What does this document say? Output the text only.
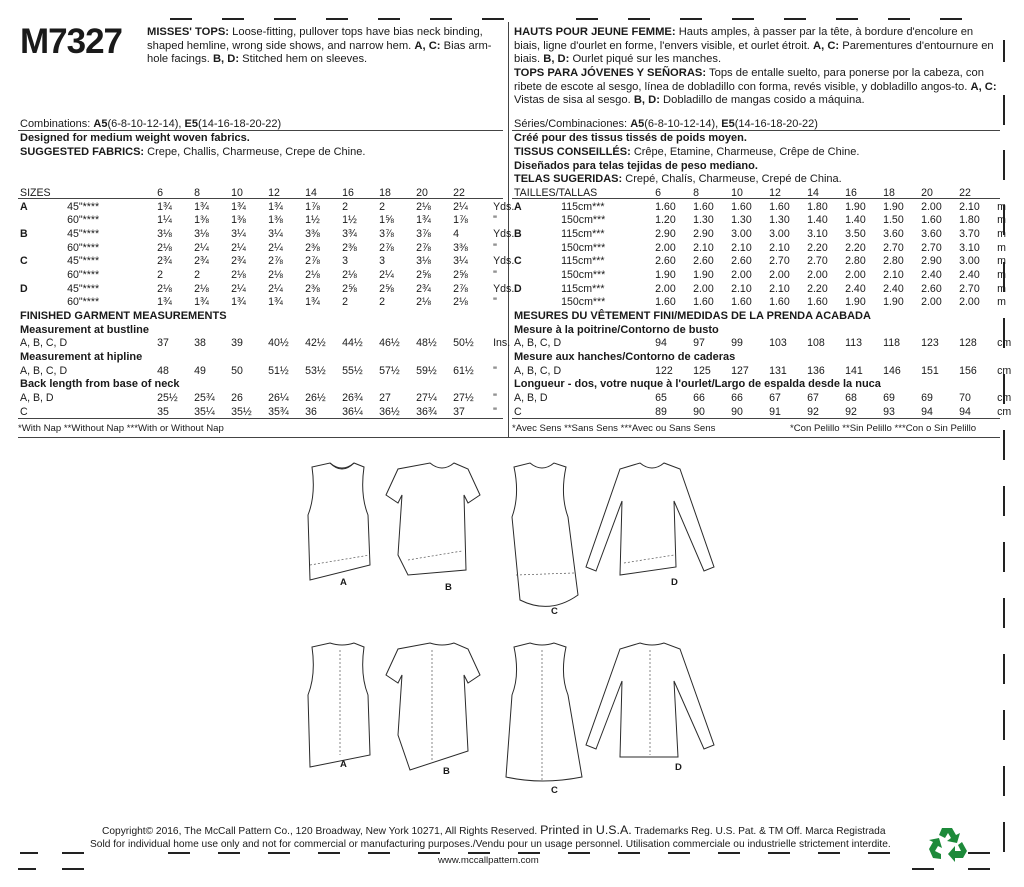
M7327 MISSES' TOPS: Loose-fitting, pullover tops have bias neck binding, shaped hemline, wrong side shows, and narrow hem. A, C: Bias arm-hole facings. B, D: Stitched hem on sleeves.
HAUTS POUR JEUNE FEMME: Hauts amples, à passer par la tête, à bordure d'encolure en biais, ligne d'ourlet en forme, l'envers visible, et ourlet étroit. A, C: Parementures d'entournure en biais. B, D: Ourlet piqué sur les manches.
TOPS PARA JÓVENES Y SEÑORAS: Tops de entalle suelto, para ponerse por la cabeza, con ribete de escote al sesgo, línea de dobladillo con forma, revés visible, y dobladillo angos-to. A, C: Vistas de sisa al sesgo. B, D: Dobladillo de mangas cosido a máquina.
Combinations: A5(6-8-10-12-14), E5(14-16-18-20-22)
Designed for medium weight woven fabrics.
SUGGESTED FABRICS: Crepe, Challis, Charmeuse, Crepe de Chine.
Séries/Combinaciones: A5(6-8-10-12-14), E5(14-16-18-20-22)
Créé pour des tissus tissés de poids moyen.
TISSUS CONSEILLÉS: Crêpe, Etamine, Charmeuse, Crêpe de Chine.
Diseñados para telas tejidas de peso mediano.
TELAS SUGERIDAS: Crepé, Chalís, Charmeuse, Crepé de China.
SIZES		6	8	10	12	14	16	18	20	22	
A	45"****	1¾	1¾	1¾	1¾	1⅞	2	2	2⅛	2¼	Yds.
	60"****	1¼	1⅜	1⅜	1⅜	1½	1½	1⅝	1¾	1⅞	"
B	45"****	3⅛	3⅛	3¼	3¼	3⅜	3¾	3⅞	3⅞	4	Yds.
	60"****	2⅛	2¼	2¼	2¼	2⅜	2⅜	2⅞	2⅞	3⅜	"
C	45"****	2¾	2¾	2¾	2⅞	2⅞	3	3	3⅛	3¼	Yds.
	60"****	2	2	2⅛	2⅛	2⅛	2⅛	2¼	2⅝	2⅝	"
D	45"****	2⅛	2⅛	2¼	2¼	2⅜	2⅝	2⅝	2¾	2⅞	Yds.
	60"****	1¾	1¾	1¾	1¾	1¾	2	2	2⅛	2⅛	"
FINISHED GARMENT MEASUREMENTS											
Measurement at bustline											
A, B, C, D		37	38	39	40½	42½	44½	46½	48½	50½	Ins.
Measurement at hipline											
A, B, C, D		48	49	50	51½	53½	55½	57½	59½	61½	"
Back length from base of neck											
A, B, D		25½	25¾	26	26¼	26½	26¾	27	27¼	27½	"
C		35	35¼	35½	35¾	36	36¼	36½	36¾	37	"
TAILLES/TALLAS		6	8	10	12	14	16	18	20	22	
A	115cm***	1.60	1.60	1.60	1.60	1.80	1.90	1.90	2.00	2.10	m
	150cm***	1.20	1.30	1.30	1.30	1.40	1.40	1.50	1.60	1.80	m
B	115cm***	2.90	2.90	3.00	3.00	3.10	3.50	3.60	3.60	3.70	m
	150cm***	2.00	2.10	2.10	2.10	2.20	2.20	2.70	2.70	3.10	m
C	115cm***	2.60	2.60	2.60	2.70	2.70	2.80	2.80	2.90	3.00	m
	150cm***	1.90	1.90	2.00	2.00	2.00	2.00	2.10	2.40	2.40	m
D	115cm***	2.00	2.00	2.10	2.10	2.20	2.40	2.40	2.60	2.70	m
	150cm***	1.60	1.60	1.60	1.60	1.60	1.90	1.90	2.00	2.00	m
MESURES DU VÊTEMENT FINI/MEDIDAS DE LA PRENDA ACABADA											
Mesure à la poitrine/Contorno de busto											
A, B, C, D		94	97	99	103	108	113	118	123	128	cm
Mesure aux hanches/Contorno de caderas											
A, B, C, D		122	125	127	131	136	141	146	151	156	cm
Longueur - dos, votre nuque à l'ourlet/Largo de espalda desde la nuca											
A, B, D		65	66	66	67	67	68	69	69	70	cm
C		89	90	90	91	92	92	93	94	94	cm
*With Nap **Without Nap ***With or Without Nap	*Avec Sens **Sans Sens ***Avec ou Sans Sens	*Con Pelillo **Sin Pelillo ***Con o Sin Pelillo
A	B
C
D
A
B
C
D
Copyright© 2016, The McCall Pattern Co., 120 Broadway, New York 10271, All Rights Reserved. Printed in U.S.A. Trademarks Reg. U.S. Pat. & TM Off. Marca Registrada
Sold for individual home use only and not for commercial or manufacturing purposes./Vendu pour un usage personnel. Utilisation commerciale ou industrielle strictement interdite.
www.mccallpattern.com
